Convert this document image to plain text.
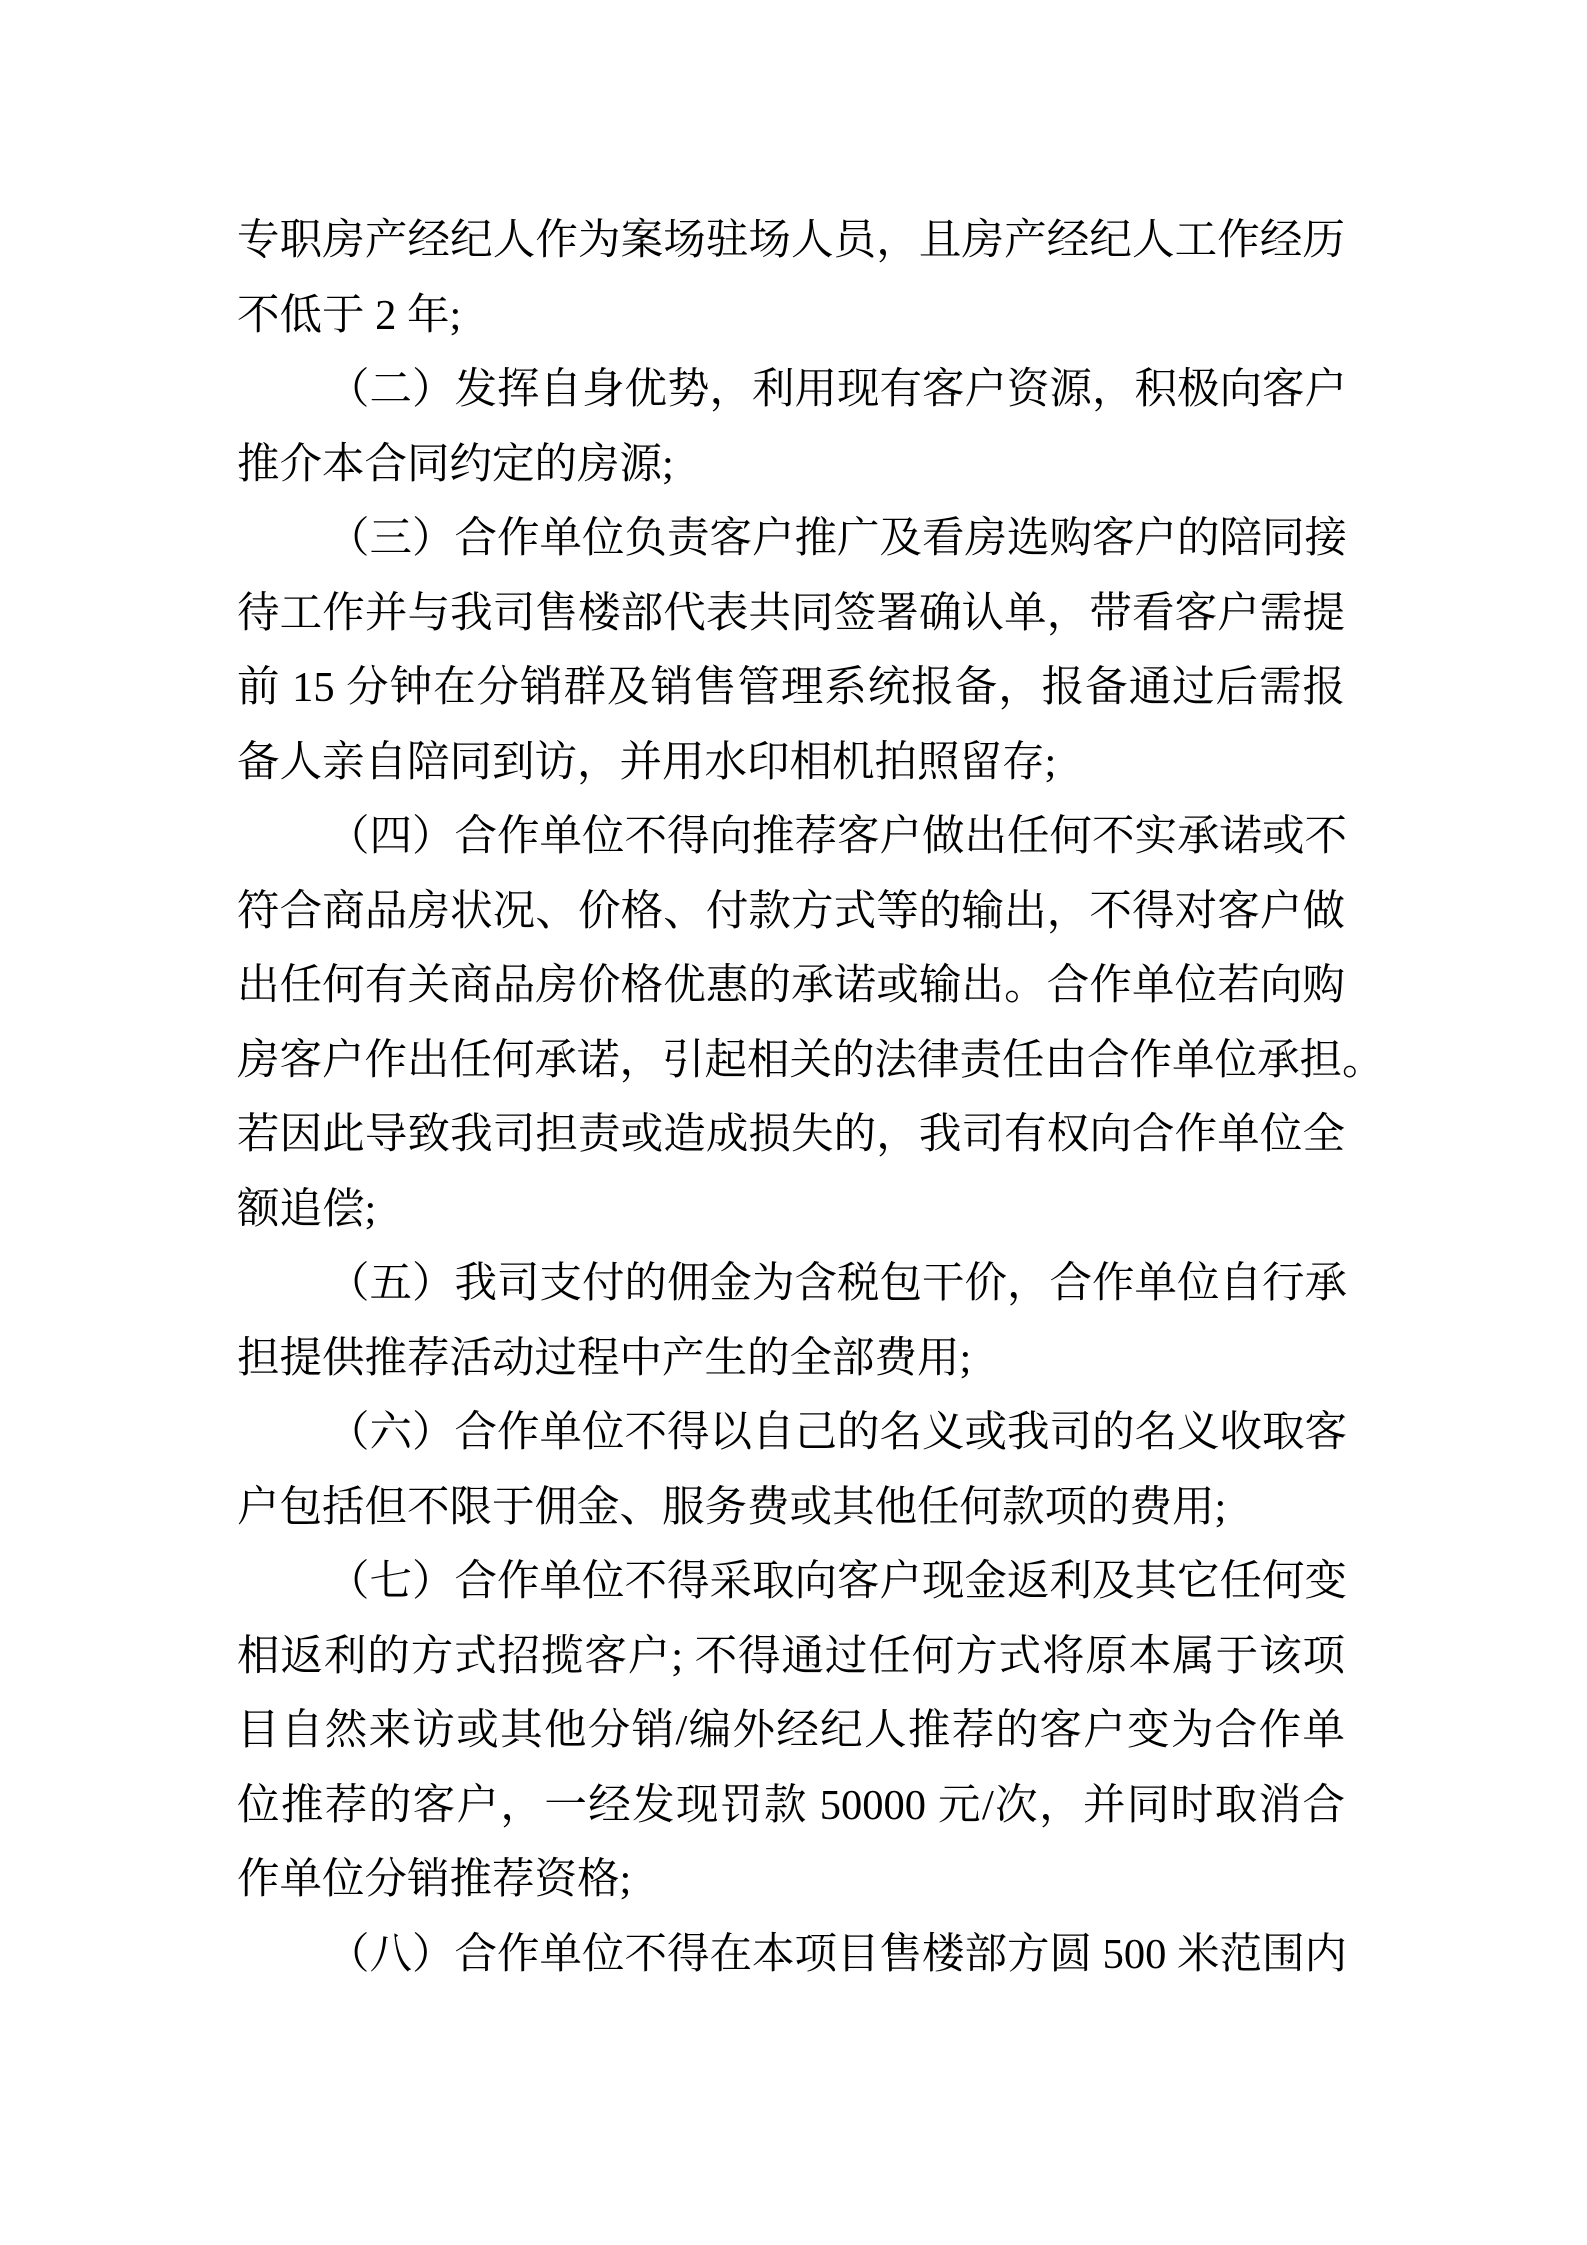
专职房产经纪人作为案场驻场人员，且房产经纪人工作经历
不低于 2 年;
（二）发挥自身优势，利用现有客户资源，积极向客户
推介本合同约定的房源;
（三）合作单位负责客户推广及看房选购客户的陪同接
待工作并与我司售楼部代表共同签署确认单，带看客户需提
前 15 分钟在分销群及销售管理系统报备，报备通过后需报
备人亲自陪同到访，并用水印相机拍照留存;
（四）合作单位不得向推荐客户做出任何不实承诺或不
符合商品房状况、价格、付款方式等的输出，不得对客户做
出任何有关商品房价格优惠的承诺或输出。合作单位若向购
房客户作出任何承诺，引起相关的法律责任由合作单位承担。
若因此导致我司担责或造成损失的，我司有权向合作单位全
额追偿;
（五）我司支付的佣金为含税包干价，合作单位自行承
担提供推荐活动过程中产生的全部费用;
（六）合作单位不得以自己的名义或我司的名义收取客
户包括但不限于佣金、服务费或其他任何款项的费用;
（七）合作单位不得采取向客户现金返利及其它任何变
相返利的方式招揽客户; 不得通过任何方式将原本属于该项
目自然来访或其他分销/编外经纪人推荐的客户变为合作单
位推荐的客户，一经发现罚款 50000 元/次，并同时取消合
作单位分销推荐资格;
（八）合作单位不得在本项目售楼部方圆 500 米范围内
